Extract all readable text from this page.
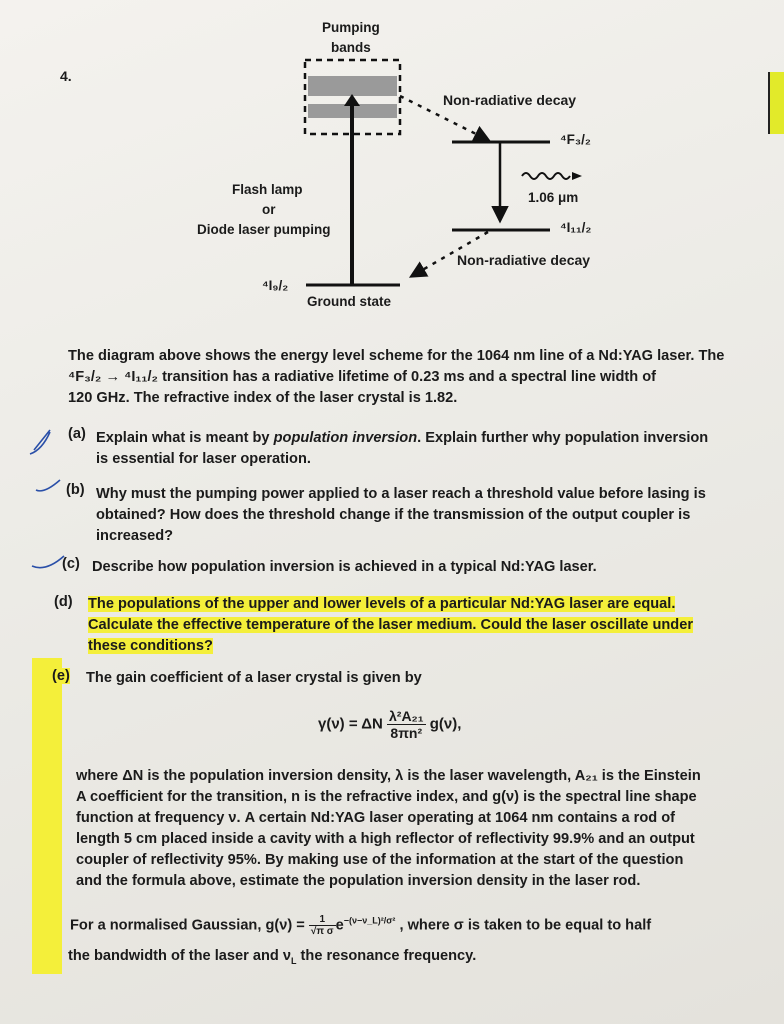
4.
Pumping
bands
Non-radiative decay
⁴F₃/₂
1.06 μm
⁴I₁₁/₂
Non-radiative decay
Flash lamp
or
Diode laser pumping
⁴I₉/₂
Ground state
The diagram above shows the energy level scheme for the 1064 nm line of a Nd:YAG laser. The
⁴F₃/₂ → ⁴I₁₁/₂ transition has a radiative lifetime of 0.23 ms and a spectral line width of
120 GHz. The refractive index of the laser crystal is 1.82.
(a) Explain what is meant by population inversion. Explain further why population inversion
is essential for laser operation.
(b) Why must the pumping power applied to a laser reach a threshold value before lasing is
obtained? How does the threshold change if the transmission of the output coupler is
increased?
(c) Describe how population inversion is achieved in a typical Nd:YAG laser.
(d) The populations of the upper and lower levels of a particular Nd:YAG laser are equal.
Calculate the effective temperature of the laser medium. Could the laser oscillate under
these conditions?
(e) The gain coefficient of a laser crystal is given by
γ(ν) = ΔN $\frac{\text{λ²A₂₁}}{\text{8πn²}} g(\nu)$,
where ΔN is the population inversion density, λ is the laser wavelength, A₂₁ is the Einstein
A coefficient for the transition, n is the refractive index, and g(ν) is the spectral line shape
function at frequency ν. A certain Nd:YAG laser operating at 1064 nm contains a rod of
length 5 cm placed inside a cavity with a high reflector of reflectivity 99.9% and an output
coupler of reflectivity 95%. By making use of the information at the start of the question
and the formula above, estimate the population inversion density in the laser rod.
For a normalised Gaussian, $g(\nu) = \frac{1}{\text{√π σ}} e^{-(\nu-\nu\_L)^2/\sigma^2}$ , where σ is taken to be equal to half
the bandwidth of the laser and $\nu_L$ the resonance frequency.
